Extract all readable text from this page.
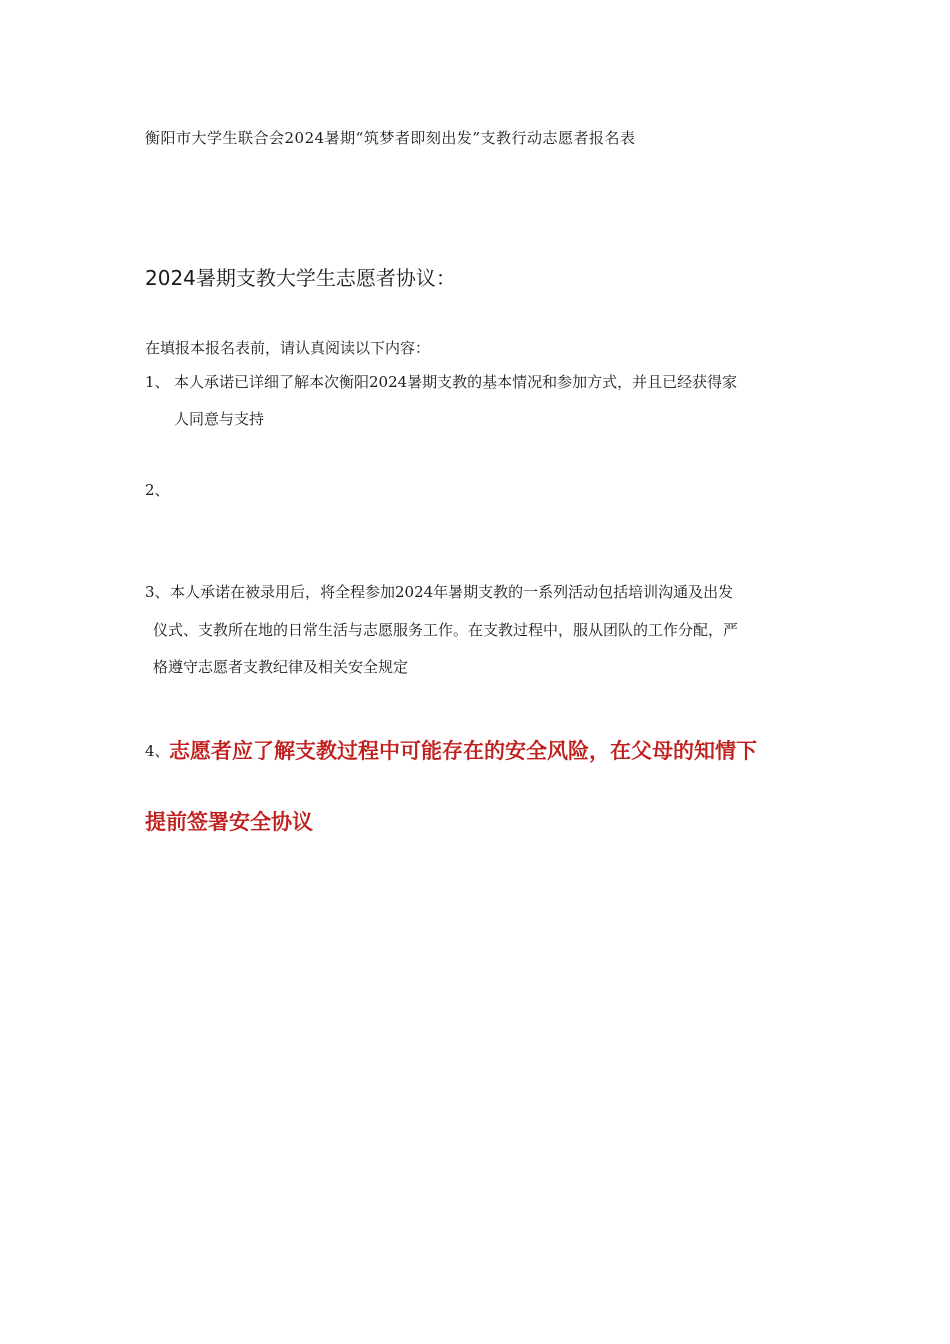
衡阳市大学生联合会2024暑期“筑梦者即刻出发”支教行动志愿者报名表
2024暑期支教大学生志愿者协议：
在填报本报名表前，请认真阅读以下内容：
1、 本人承诺已详细了解本次衡阳2024暑期支教的基本情况和参加方式，并且已经获得家
人同意与支持
2、
3、 本人承诺在被录用后，将全程参加2024年暑期支教的一系列活动包括培训沟通及出发
仪式、支教所在地的日常生活与志愿服务工作。在支教过程中，服从团队的工作分配，严
格遵守志愿者支教纪律及相关安全规定
4、 志愿者应了解支教过程中可能存在的安全风险，在父母的知情下
提前签署安全协议
